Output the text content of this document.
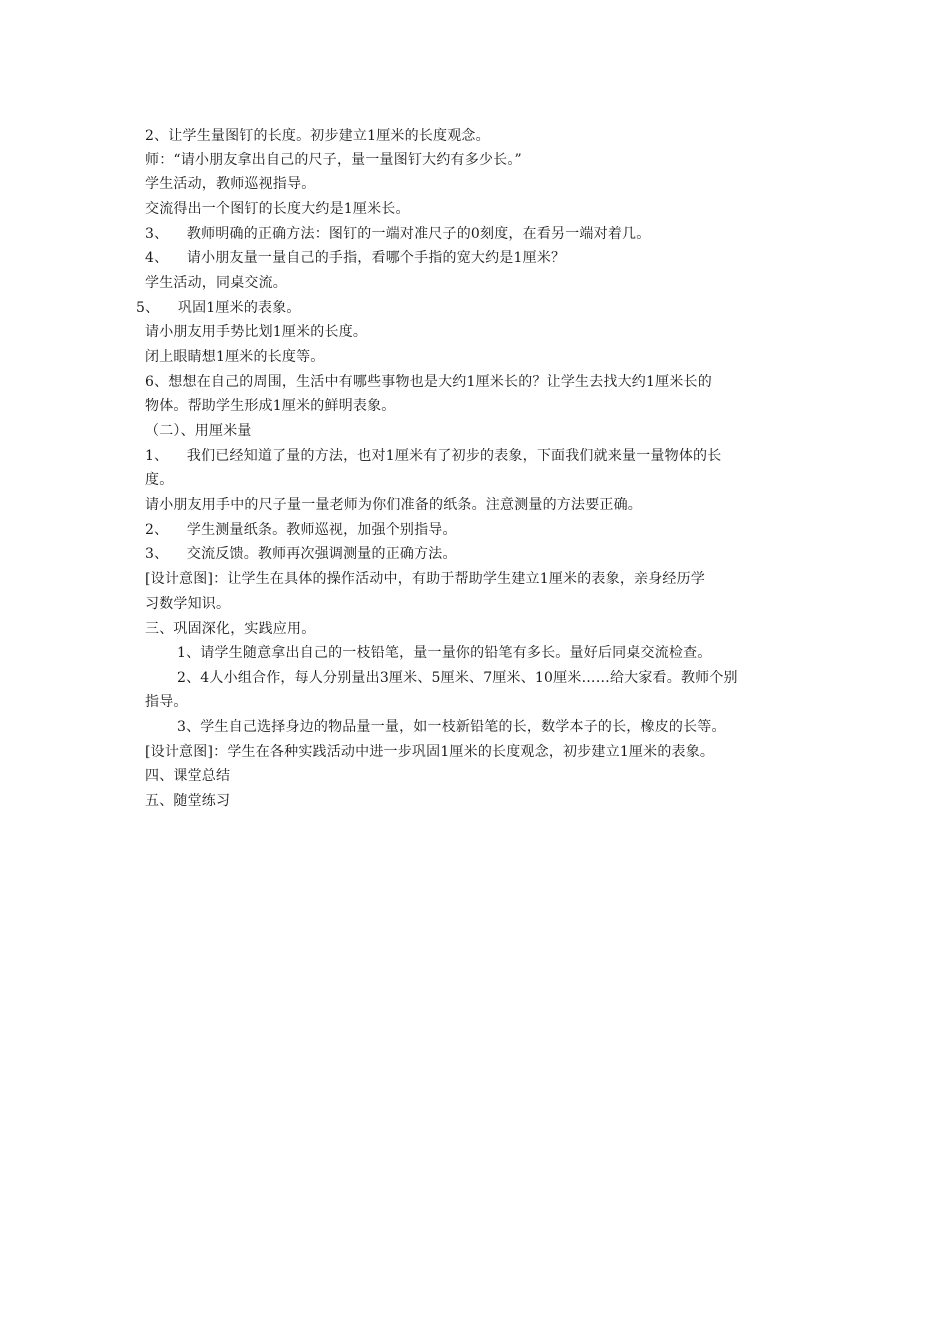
2、让学生量图钉的长度。初步建立1厘米的长度观念。
师：“请小朋友拿出自己的尺子，量一量图钉大约有多少长。”
学生活动，教师巡视指导。
交流得出一个图钉的长度大约是1厘米长。
3、    教师明确的正确方法：图钉的一端对准尺子的0刻度，在看另一端对着几。
4、    请小朋友量一量自己的手指，看哪个手指的宽大约是1厘米？
学生活动，同桌交流。
5、    巩固1厘米的表象。
请小朋友用手势比划1厘米的长度。
闭上眼睛想1厘米的长度等。
6、想想在自己的周围，生活中有哪些事物也是大约1厘米长的？让学生去找大约1厘米长的
物体。帮助学生形成1厘米的鲜明表象。
（二）、用厘米量
1、    我们已经知道了量的方法，也对1厘米有了初步的表象，下面我们就来量一量物体的长
度。
请小朋友用手中的尺子量一量老师为你们准备的纸条。注意测量的方法要正确。
2、    学生测量纸条。教师巡视，加强个别指导。
3、    交流反馈。教师再次强调测量的正确方法。
[设计意图]：让学生在具体的操作活动中，有助于帮助学生建立1厘米的表象，亲身经历学
习数学知识。
三、巩固深化，实践应用。
1、请学生随意拿出自己的一枝铅笔，量一量你的铅笔有多长。量好后同桌交流检查。
2、4人小组合作，每人分别量出3厘米、5厘米、7厘米、10厘米……给大家看。教师个别
指导。
3、学生自己选择身边的物品量一量，如一枝新铅笔的长，数学本子的长，橡皮的长等。
[设计意图]：学生在各种实践活动中进一步巩固1厘米的长度观念，初步建立1厘米的表象。
四、课堂总结
五、随堂练习
